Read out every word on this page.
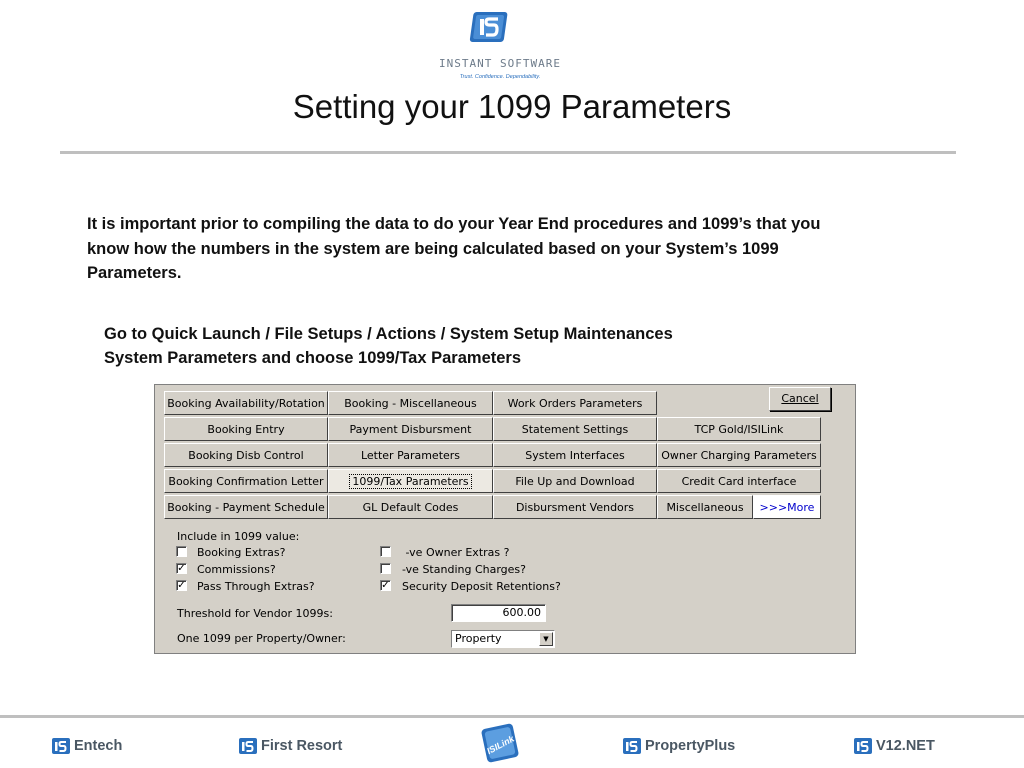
INSTANT SOFTWARE
Trust. Confidence. Dependability.
Setting your 1099 Parameters
It is important prior to compiling the data to do your Year End procedures and 1099’s that you know how the numbers in the system are being calculated based on your System’s 1099 Parameters.
Go to Quick Launch / File Setups / Actions / System Setup Maintenances
System Parameters and choose 1099/Tax Parameters
Booking Availability/Rotation	Booking - Miscellaneous	Work Orders Parameters	Cancel
Booking Entry	Payment Disbursment	Statement Settings	TCP Gold/ISILink
Booking Disb Control	Letter Parameters	System Interfaces	Owner Charging Parameters
Booking Confirmation Letter	1099/Tax Parameters	File Up and Download	Credit Card interface
Booking - Payment Schedule	GL Default Codes	Disbursment Vendors	Miscellaneous	>>>More
Include in 1099 value:
Booking Extras?
✓ Commissions?
✓ Pass Through Extras?
-ve Owner Extras ?
-ve Standing Charges?
✓ Security Deposit Retentions?
Threshold for Vendor 1099s:	600.00
One 1099 per Property/Owner:	Property	▼
Entech	First Resort	ISILink	PropertyPlus	V12.NET
